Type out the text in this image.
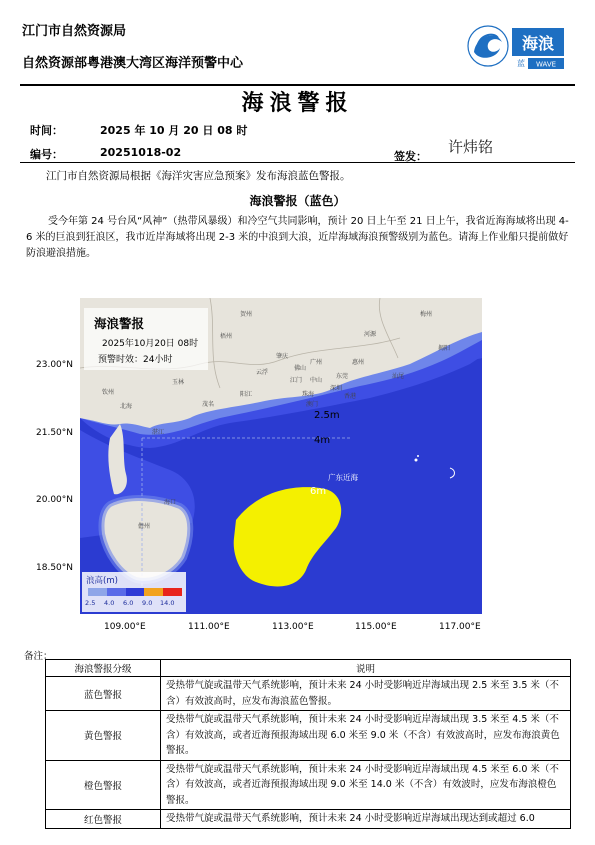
江门市自然资源局
自然资源部粤港澳大湾区海洋预警中心
海浪
蓝 WAVE
海浪警报
时间：	2025 年 10 月 20 日 08 时
编号：	20251018-02	签发：
许炜铭
江门市自然资源局根据《海洋灾害应急预案》发布海浪蓝色警报。
海浪警报（蓝色）
受今年第 24 号台风“风神”（热带风暴级）和冷空气共同影响，预计 20 日上午至 21 日上午，我省近海海域将出现 4-6 米的巨浪到狂浪区，我市近岸海域将出现 2-3 米的中浪到大浪，近岸海域海浪预警级别为蓝色。请海上作业船只提前做好防浪避浪措施。
2.5m
4m
6m
广东近海
云浮
肇庆
广州	惠州
河源
梅州
汕尾
东莞
深圳
江门
珠海
澳门
香港
阳江
茂名
湛江
海口
儋州
玉林
北海
钦州
梧州
贺州
佛山
中山
揭阳
海浪警报
2025年10月20日 08时
预警时效：24小时
浪高(m)
2.5 4.0 6.0 9.0 14.0
23.00°N
21.50°N
20.00°N
18.50°N
109.00°E	111.00°E	113.00°E	115.00°E	117.00°E
备注：
海浪警报分级	说明
蓝色警报	受热带气旋或温带天气系统影响，预计未来 24 小时受影响近岸海域出现 2.5 米至 3.5 米（不含）有效波高时，应发布海浪蓝色警报。
黄色警报	受热带气旋或温带天气系统影响，预计未来 24 小时受影响近岸海域出现 3.5 米至 4.5 米（不含）有效波高，或者近海预报海域出现 6.0 米至 9.0 米（不含）有效波高时，应发布海浪黄色警报。
橙色警报	受热带气旋或温带天气系统影响，预计未来 24 小时受影响近岸海域出现 4.5 米至 6.0 米（不含）有效波高，或者近海预报海域出现 9.0 米至 14.0 米（不含）有效波时，应发布海浪橙色警报。
红色警报	受热带气旋或温带天气系统影响，预计未来 24 小时受影响近岸海域出现达到或超过 6.0
